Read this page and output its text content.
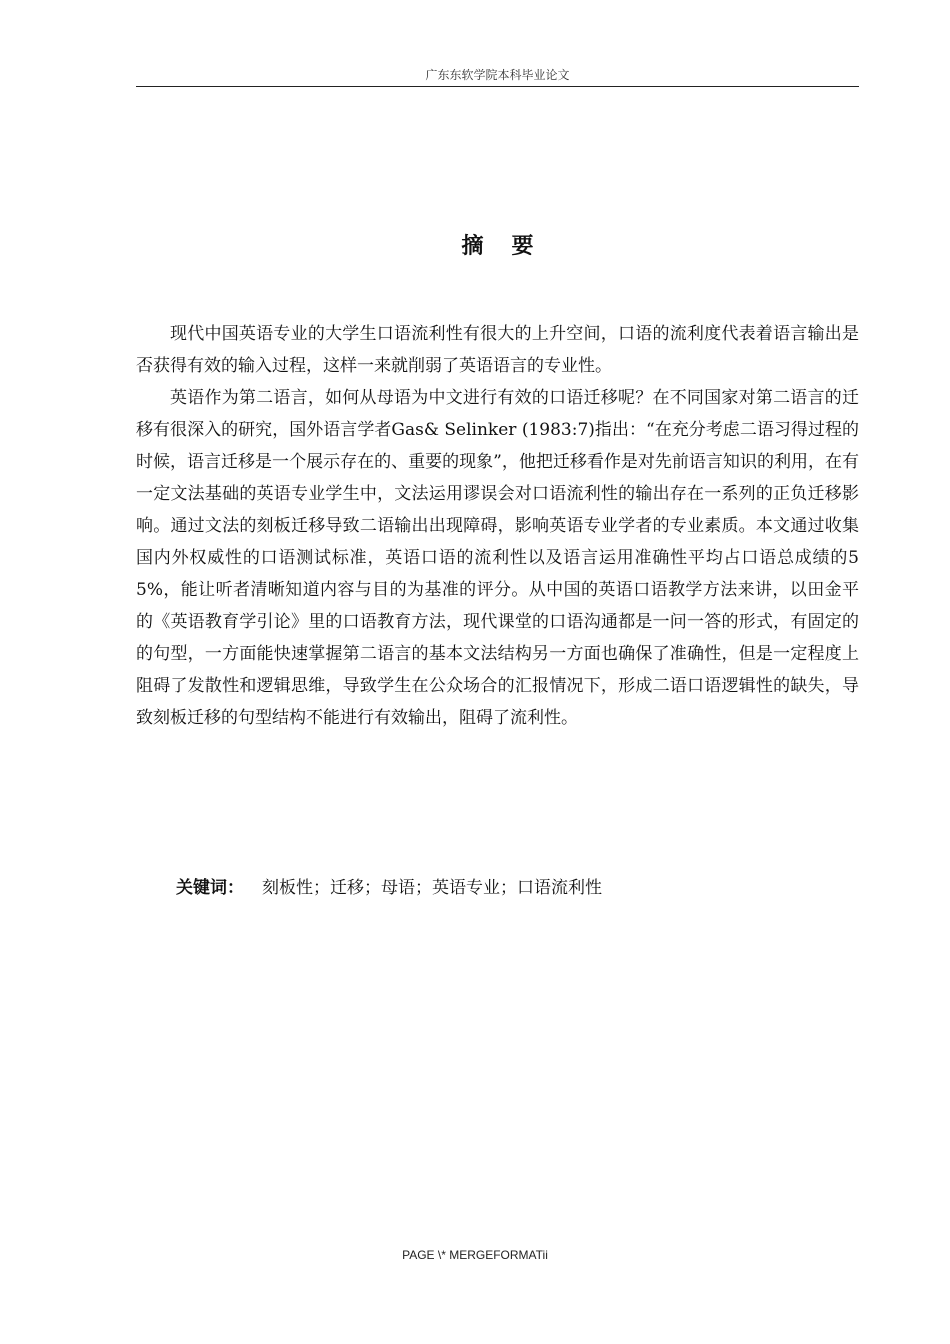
广东东软学院本科毕业论文
摘要

现代中国英语专业的大学生口语流利性有很大的上升空间，口语的流利度代表着语言输出是否获得有效的输入过程，这样一来就削弱了英语语言的专业性。

英语作为第二语言，如何从母语为中文进行有效的口语迁移呢？在不同国家对第二语言的迁移有很深入的研究，国外语言学者Gas& Selinker (1983:7)指出：“在充分考虑二语习得过程的时候，语言迁移是一个展示存在的、重要的现象”，他把迁移看作是对先前语言知识的利用，在有一定文法基础的英语专业学生中，文法运用谬误会对口语流利性的输出存在一系列的正负迁移影响。通过文法的刻板迁移导致二语输出出现障碍，影响英语专业学者的专业素质。本文通过收集国内外权威性的口语测试标准，英语口语的流利性以及语言运用准确性平均占口语总成绩的55%，能让听者清晰知道内容与目的为基准的评分。从中国的英语口语教学方法来讲，以田金平的《英语教育学引论》里的口语教育方法，现代课堂的口语沟通都是一问一答的形式，有固定的的句型，一方面能快速掌握第二语言的基本文法结构另一方面也确保了准确性，但是一定程度上阻碍了发散性和逻辑思维，导致学生在公众场合的汇报情况下，形成二语口语逻辑性的缺失，导致刻板迁移的句型结构不能进行有效输出，阻碍了流利性。

关键词： 刻板性；迁移；母语；英语专业；口语流利性
PAGE \* MERGEFORMATii
